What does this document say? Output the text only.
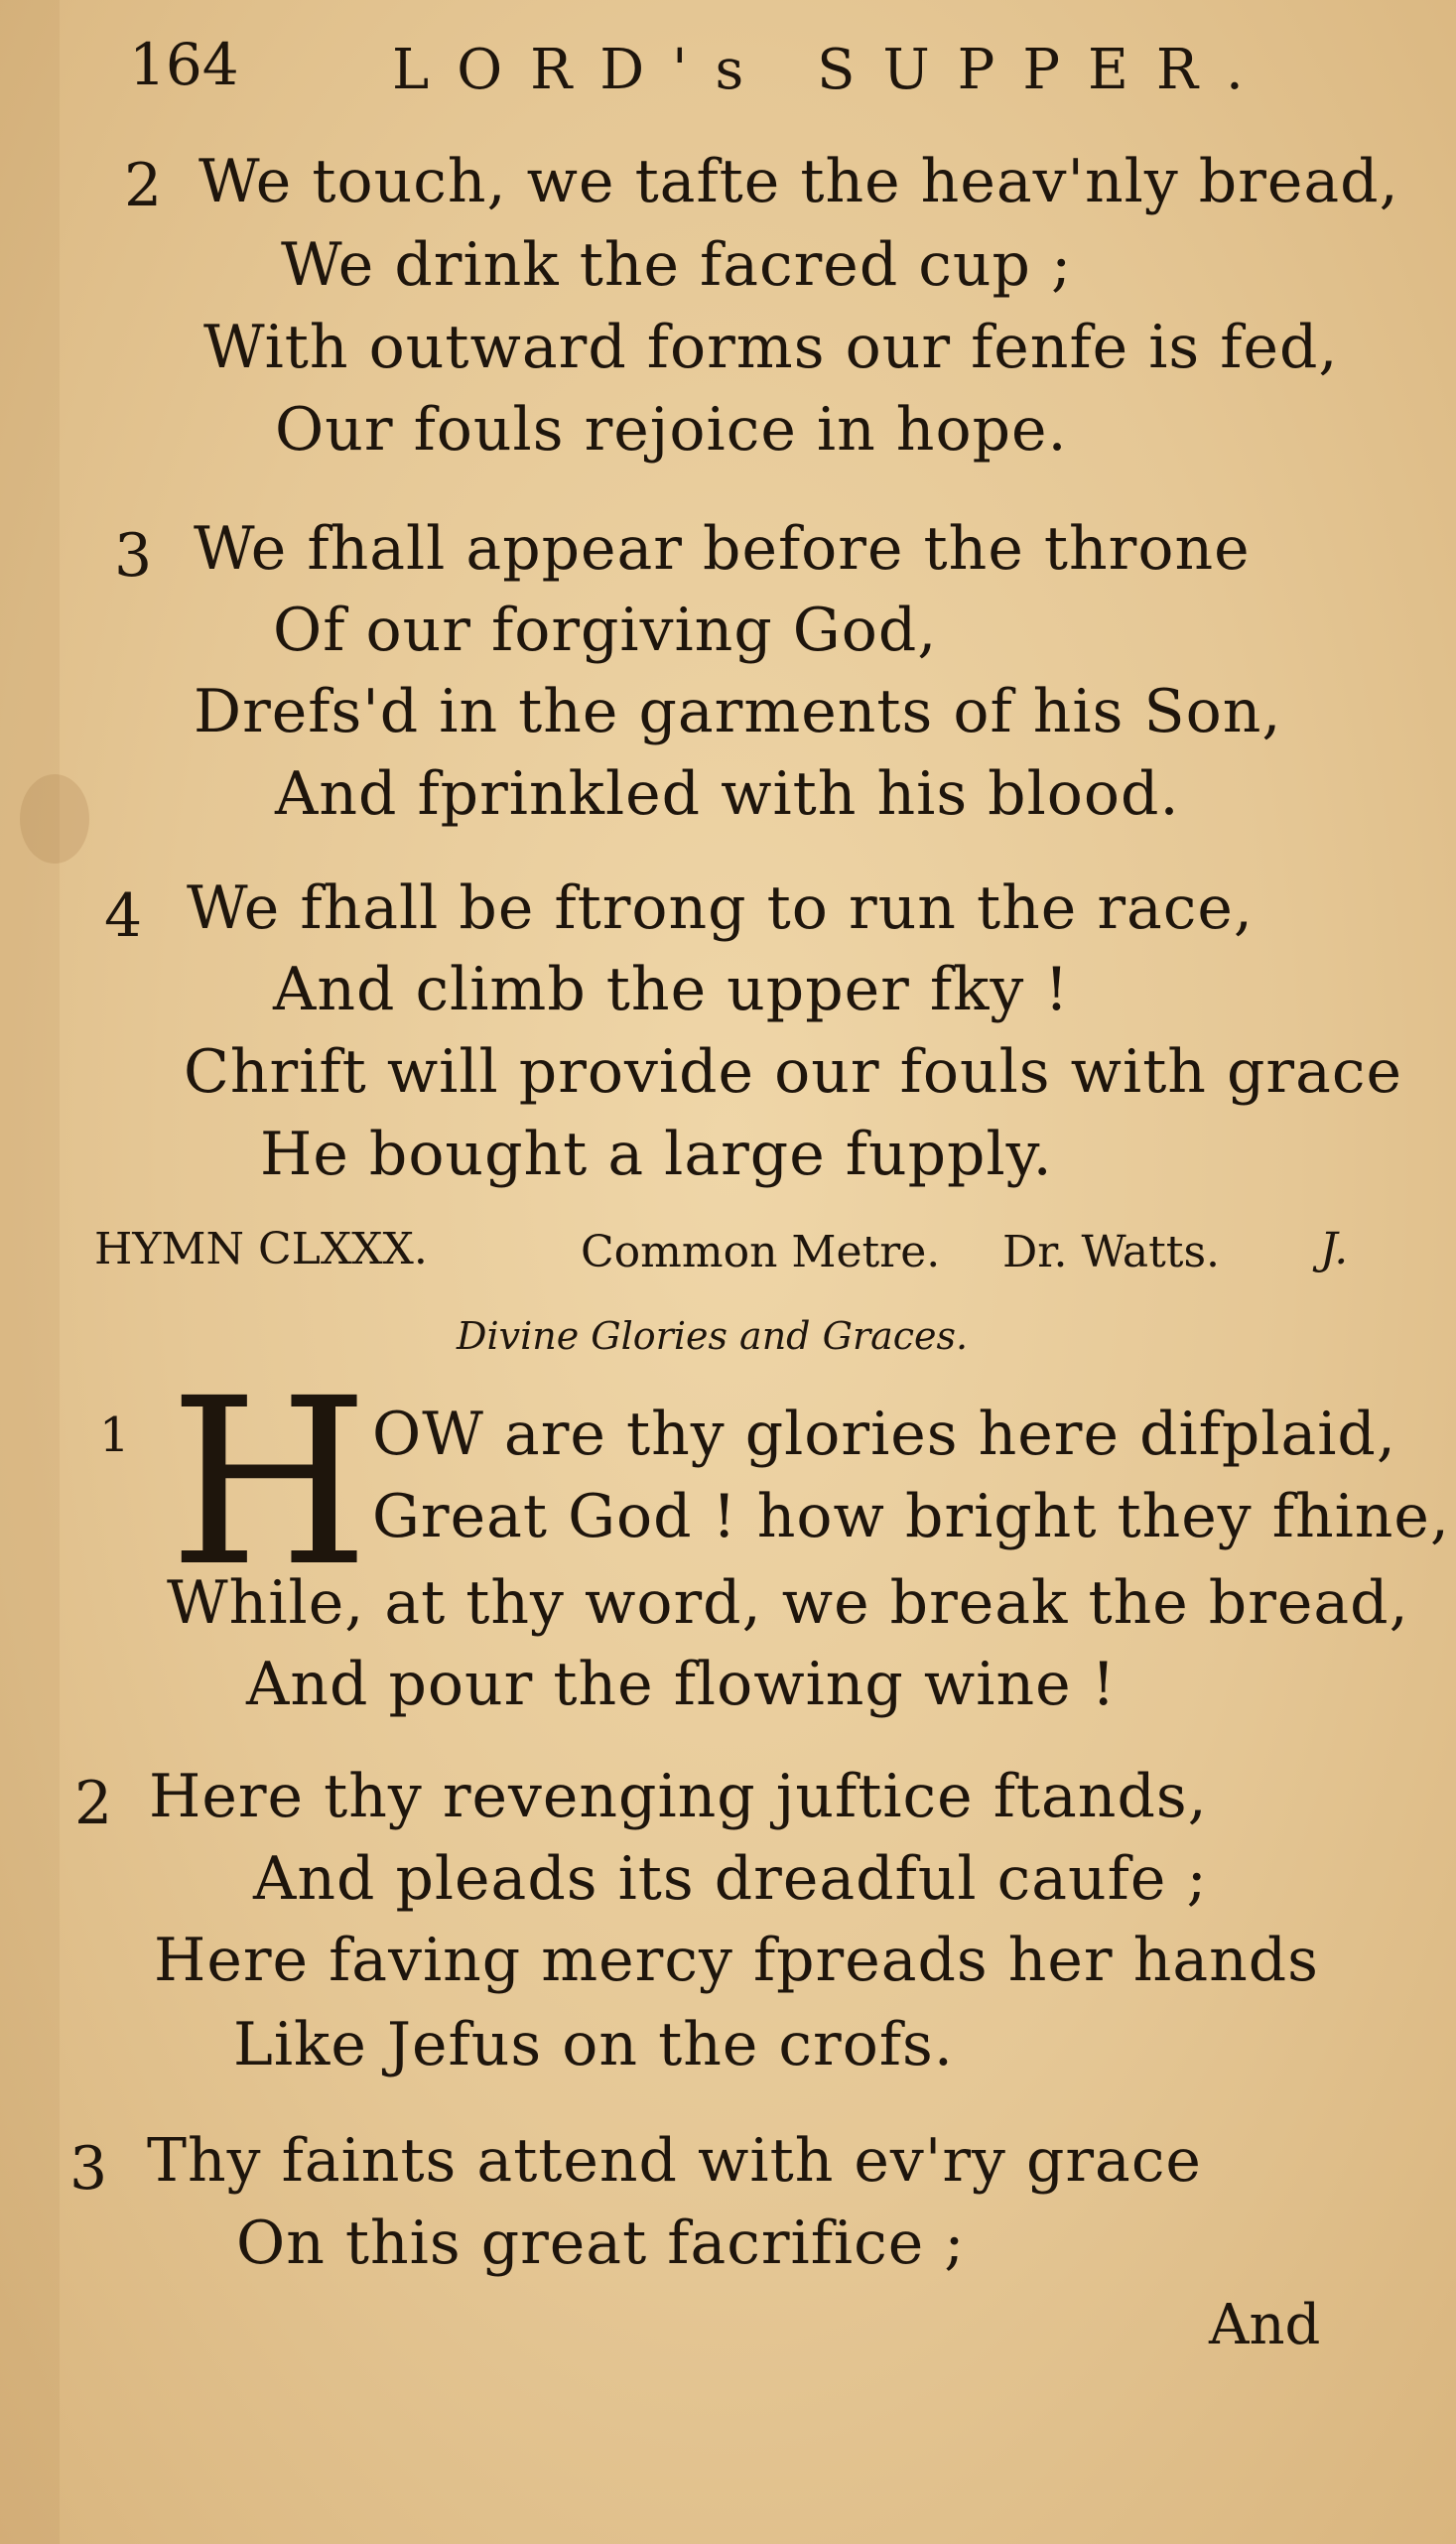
164	LORD's SUPPER.
2 We touch, we tafte the heav'nly bread,
We drink the facred cup ;
With outward forms our fenfe is fed,
Our fouls rejoice in hope.
3 We fhall appear before the throne
Of our forgiving God,
Drefs'd in the garments of his Son,
And fprinkled with his blood.
4 We fhall be ftrong to run the race,
And climb the upper fky !
Chrift will provide our fouls with grace
He bought a large fupply.
HYMN CLXXX.	Common Metre. Dr. Watts. J.
Divine Glories and Graces.
1 H OW are thy glories here difplaid,
Great God ! how bright they fhine,
While, at thy word, we break the bread,
And pour the flowing wine !
2 Here thy revenging juftice ftands,
And pleads its dreadful caufe ;
Here faving mercy fpreads her hands
Like Jefus on the crofs.
3 Thy faints attend with ev'ry grace
On this great facrifice ;
And
